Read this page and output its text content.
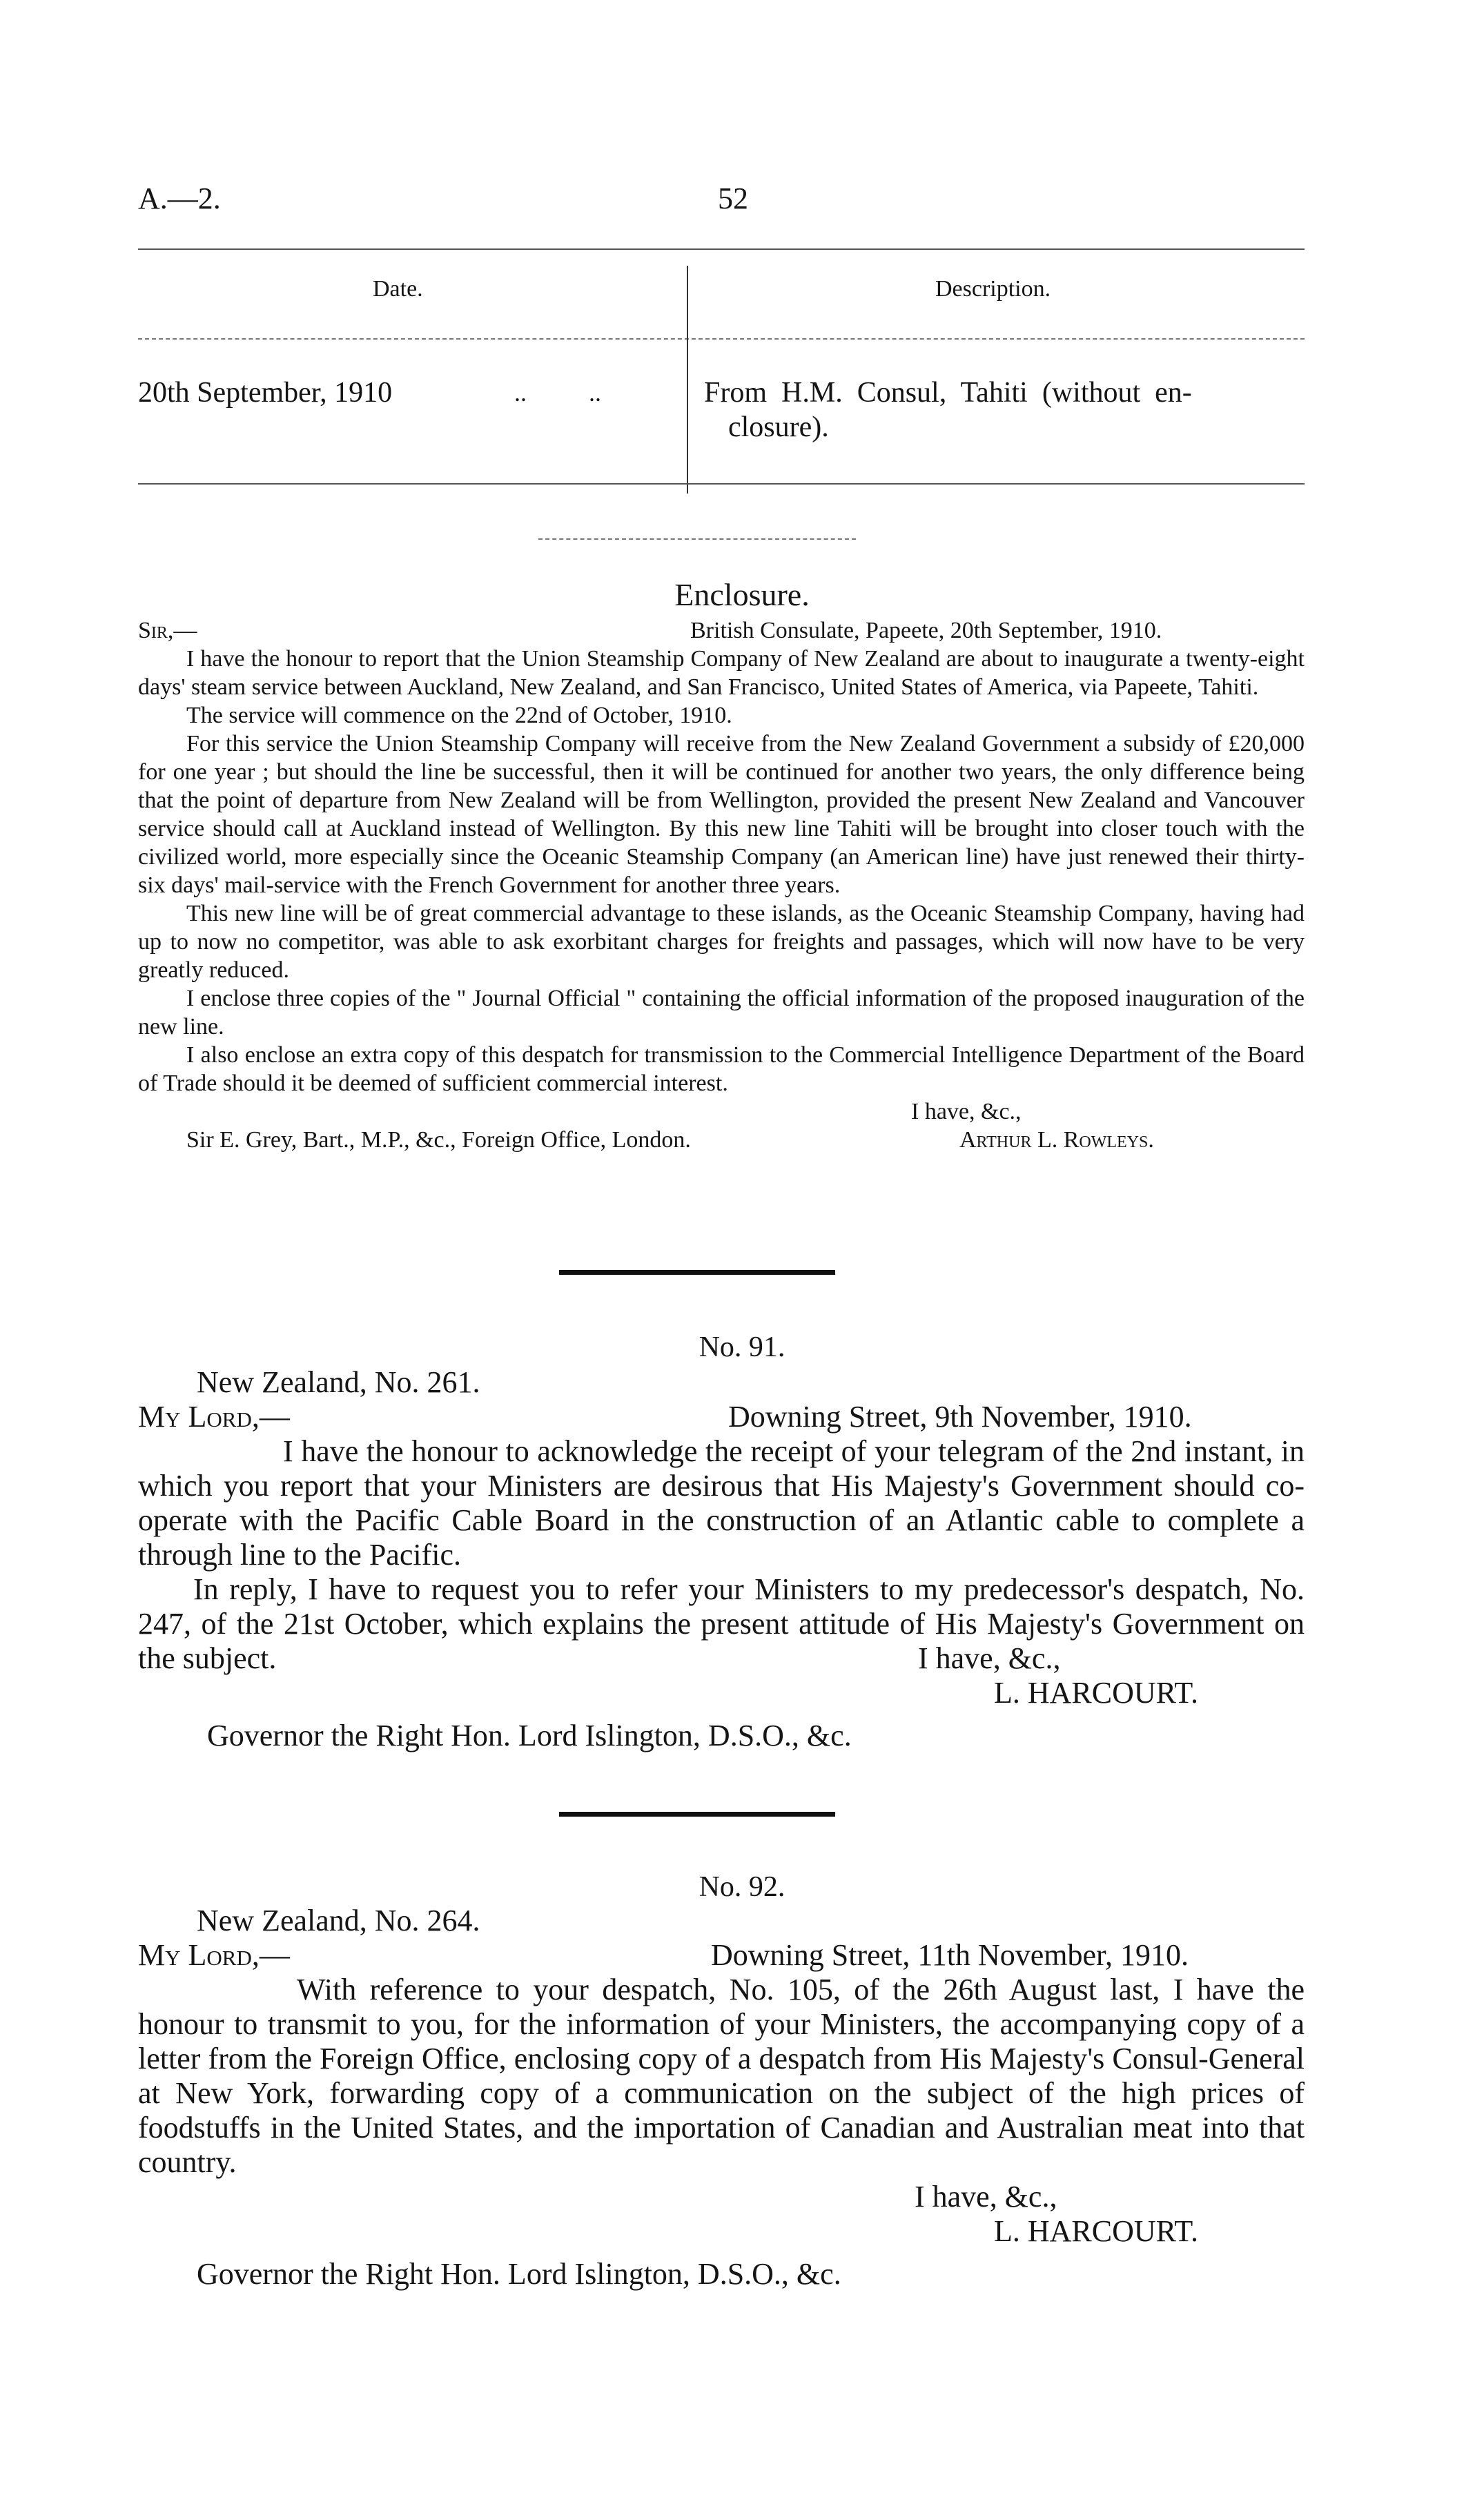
A.—2.	52
Date.	Description.
20th September, 1910	..          ..	From  H.M.  Consul,  Tahiti  (without  en-
closure).
Enclosure.
Sir,—	British Consulate, Papeete, 20th September, 1910.

I have the honour to report that the Union Steamship Company of New Zealand are about to inaugurate a twenty-eight days' steam service between Auckland, New Zealand, and San Francisco, United States of America, via Papeete, Tahiti.

The service will commence on the 22nd of October, 1910.

For this service the Union Steamship Company will receive from the New Zealand Government a subsidy of £20,000 for one year ; but should the line be successful, then it will be continued for another two years, the only difference being that the point of departure from New Zealand will be from Wellington, provided the present New Zealand and Vancouver service should call at Auckland instead of Wellington. By this new line Tahiti will be brought into closer touch with the civilized world, more especially since the Oceanic Steamship Company (an American line) have just renewed their thirty-six days' mail-service with the French Government for another three years.

This new line will be of great commercial advantage to these islands, as the Oceanic Steamship Company, having had up to now no competitor, was able to ask exorbitant charges for freights and passages, which will now have to be very greatly reduced.

I enclose three copies of the " Journal Official " containing the official information of the proposed inauguration of the new line.

I also enclose an extra copy of this despatch for transmission to the Commercial Intelligence Department of the Board of Trade should it be deemed of sufficient commercial interest.

I have, &c.,
Sir E. Grey, Bart., M.P., &c., Foreign Office, London.	Arthur L. Rowleys.
No. 91.
New Zealand, No. 261.
My Lord,—	Downing Street, 9th November, 1910.

I have the honour to acknowledge the receipt of your telegram of the 2nd instant, in which you report that your Ministers are desirous that His Majesty's Government should co-operate with the Pacific Cable Board in the construction of an Atlantic cable to complete a through line to the Pacific.

In reply, I have to request you to refer your Ministers to my predecessor's despatch, No. 247, of the 21st October, which explains the present attitude of His Majesty's Government on the subject.

L. HARCOURT.
Governor the Right Hon. Lord Islington, D.S.O., &c.
I have, &c.,
No. 92.
New Zealand, No. 264.
My Lord,—	Downing Street, 11th November, 1910.

With reference to your despatch, No. 105, of the 26th August last, I have the honour to transmit to you, for the information of your Ministers, the accompanying copy of a letter from the Foreign Office, enclosing copy of a despatch from His Majesty's Consul-General at New York, forwarding copy of a communication on the subject of the high prices of foodstuffs in the United States, and the importation of Canadian and Australian meat into that country.

I have, &c.,
L. HARCOURT.
Governor the Right Hon. Lord Islington, D.S.O., &c.
